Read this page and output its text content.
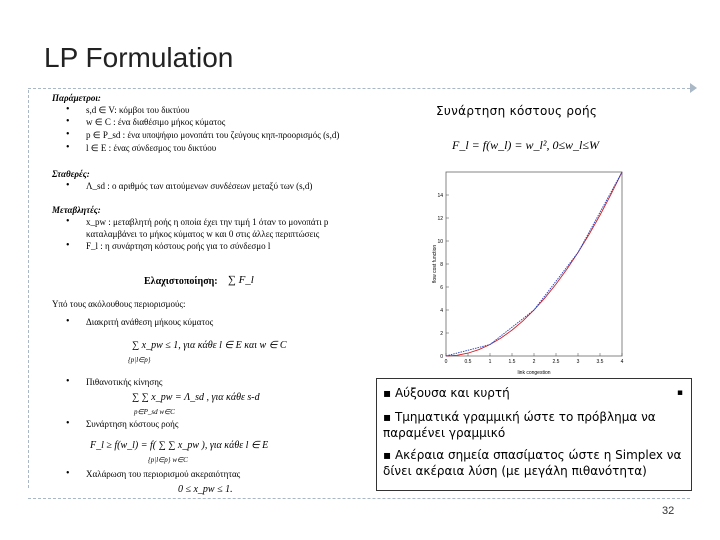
LP Formulation
Παράμετροι:
• s,d ∈ V: κόμβοι του δικτύου
• w ∈ C : ένα διαθέσιμο μήκος κύματος
• p ∈ P_sd : ένα υποψήφιο μονοπάτι του ζεύγους κηπ-προορισμός (s,d)
• l ∈ E : ένας σύνδεσμος του δικτύου
Σταθερές:
• Λ_sd : ο αριθμός των αιτούμενων συνδέσεων μεταξύ των (s,d)
Μεταβλητές:
• x_pw : μεταβλητή ροής η οποία έχει την τιμή 1 όταν το μονοπάτι p
καταλαμβάνει το μήκος κύματος w και 0 στις άλλες περιπτώσεις
• F_l : η συνάρτηση κόστους ροής για το σύνδεσμο l
Ελαχιστοποίηση: ∑ F_l
Υπό τους ακόλουθους περιορισμούς:
• Διακριτή ανάθεση μήκους κύματος
∑ x_pw ≤ 1, για κάθε l ∈ E και w ∈ C
{p|l∈p}
• Πιθανοτικής κίνησης
∑ ∑ x_pw = Λ_sd , για κάθε s-d
p∈P_sd w∈C
• Συνάρτηση κόστους ροής
F_l ≥ f(w_l) = f( ∑ ∑ x_pw ), για κάθε l ∈ E
{p|l∈p} w∈C
• Χαλάρωση του περιορισμού ακεραιότητας
0 ≤ x_pw ≤ 1.
Συνάρτηση κόστους ροής
F_l = f(w_l) = w_l², 0≤w_l≤W
0	0.5	1	1.5	2	2.5	3	3.5	4
0
2
4
6
8
10
12
14
link congestion
flow cost function
▪ Αύξουσα και κυρτή	▪
▪ Τμηματικά γραμμική ώστε το πρόβλημα να
παραμένει γραμμικό
▪ Ακέραια σημεία σπασίματος ώστε η Simplex να
δίνει ακέραια λύση (με μεγάλη πιθανότητα)
32
